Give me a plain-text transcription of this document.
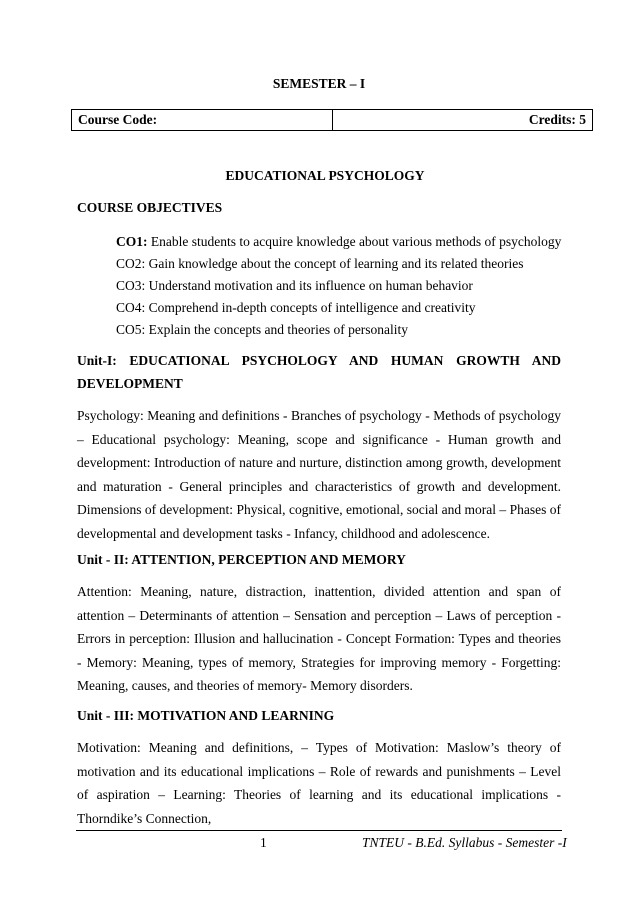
SEMESTER – I
Course Code:	Credits: 5
EDUCATIONAL PSYCHOLOGY
COURSE OBJECTIVES
CO1: Enable students to acquire knowledge about various methods of psychology
CO2: Gain knowledge about the concept of learning and its related theories
CO3: Understand motivation and its influence on human behavior
CO4: Comprehend in-depth concepts of intelligence and creativity
CO5: Explain the concepts and theories of personality
Unit-I: EDUCATIONAL PSYCHOLOGY AND HUMAN GROWTH AND
DEVELOPMENT
Psychology: Meaning and definitions - Branches of psychology - Methods of psychology – Educational psychology: Meaning, scope and significance - Human growth and development: Introduction of nature and nurture, distinction among growth, development and maturation - General principles and characteristics of growth and development. Dimensions of development: Physical, cognitive, emotional, social and moral – Phases of developmental and development tasks - Infancy, childhood and adolescence.
Unit - II: ATTENTION, PERCEPTION AND MEMORY
Attention: Meaning, nature, distraction, inattention, divided attention and span of attention – Determinants of attention – Sensation and perception – Laws of perception - Errors in perception: Illusion and hallucination - Concept Formation: Types and theories - Memory: Meaning, types of memory, Strategies for improving memory - Forgetting: Meaning, causes, and theories of memory- Memory disorders.
Unit - III: MOTIVATION AND LEARNING
Motivation: Meaning and definitions, – Types of Motivation: Maslow’s theory of motivation and its educational implications – Role of rewards and punishments – Level of aspiration – Learning: Theories of learning and its educational implications - Thorndike’s Connection,
1	TNTEU - B.Ed. Syllabus - Semester -I
